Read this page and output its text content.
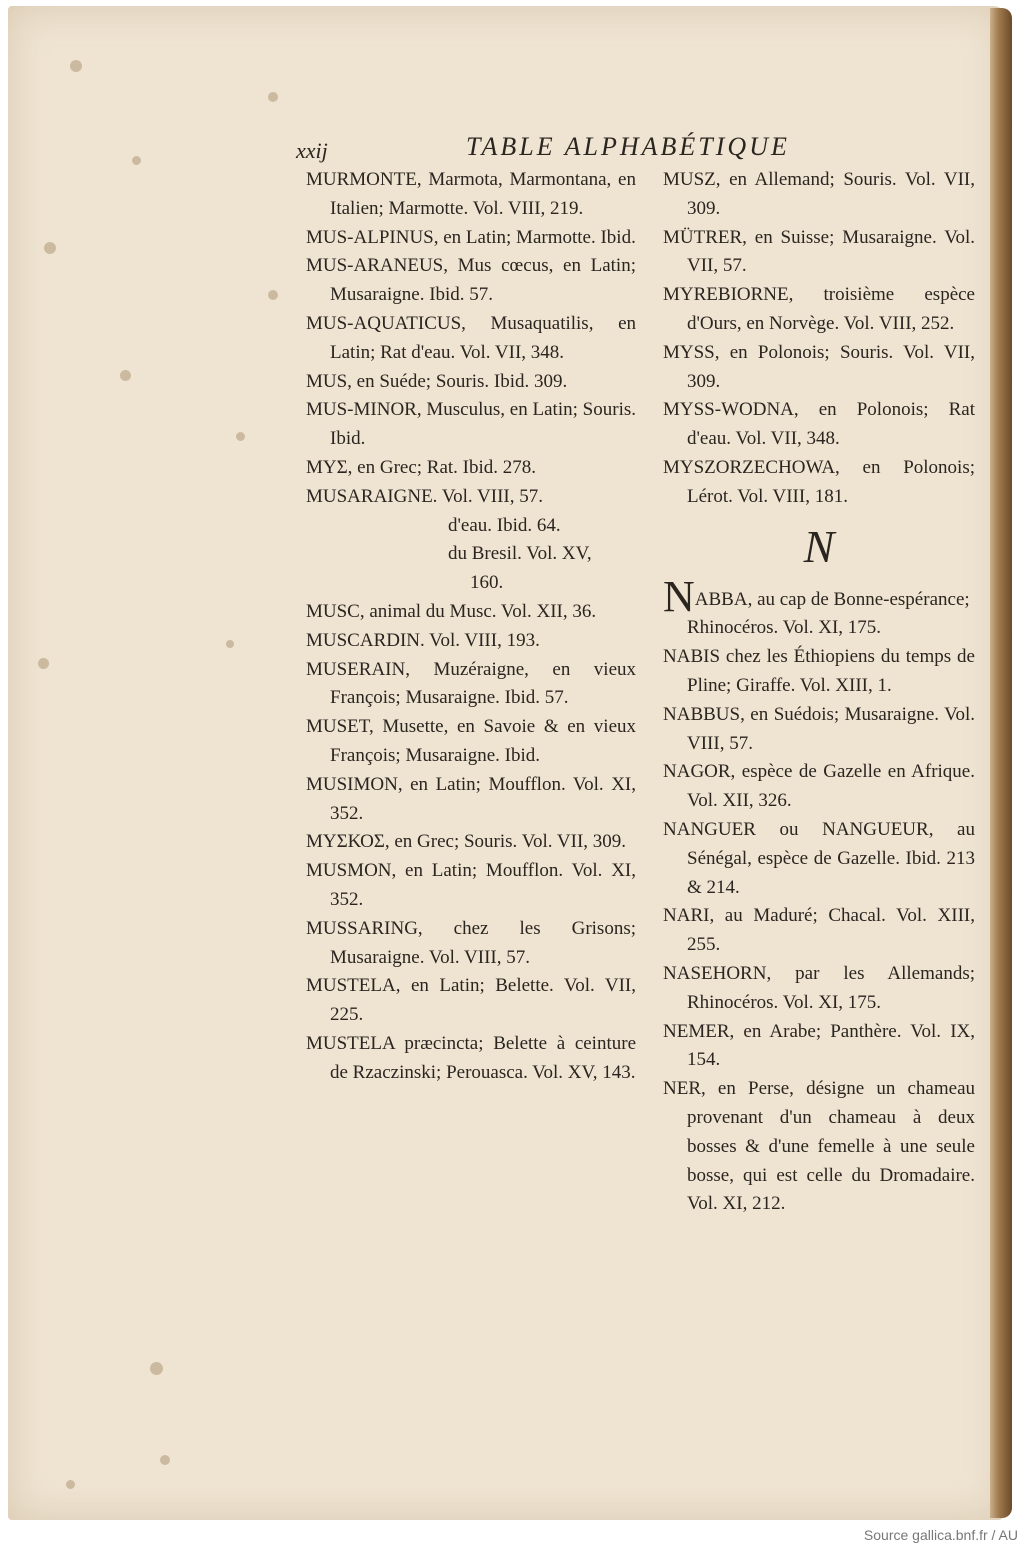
xxij	TABLE ALPHABÉTIQUE

MURMONTE, Marmota, Marmontana, en Italien; Marmotte. Vol. VIII, 219.

MUS-ALPINUS, en Latin; Marmotte. Ibid.

MUS-ARANEUS, Mus cœcus, en Latin; Musaraigne. Ibid. 57.

MUS-AQUATICUS, Musaquatilis, en Latin; Rat d'eau. Vol. VII, 348.

MUS, en Suéde; Souris. Ibid. 309.

MUS-MINOR, Musculus, en Latin; Souris. Ibid.

ΜΥΣ, en Grec; Rat. Ibid. 278.

MUSARAIGNE. Vol. VIII, 57.

d'eau. Ibid. 64.

du Bresil. Vol. XV,

160.

MUSC, animal du Musc. Vol. XII, 36.

MUSCARDIN. Vol. VIII, 193.

MUSERAIN, Muzéraigne, en vieux François; Musaraigne. Ibid. 57.

MUSET, Musette, en Savoie & en vieux François; Musaraigne. Ibid.

MUSIMON, en Latin; Moufflon. Vol. XI, 352.

ΜΥΣΚΟΣ, en Grec; Souris. Vol. VII, 309.

MUSMON, en Latin; Moufflon. Vol. XI, 352.

MUSSARING, chez les Grisons; Musaraigne. Vol. VIII, 57.

MUSTELA, en Latin; Belette. Vol. VII, 225.

MUSTELA præcincta; Belette à ceinture de Rzaczinski; Perouasca. Vol. XV, 143.

MUSZ, en Allemand; Souris. Vol. VII, 309.

MÜTRER, en Suisse; Musaraigne. Vol. VII, 57.

MYREBIORNE, troisième espèce d'Ours, en Norvège. Vol. VIII, 252.

MYSS, en Polonois; Souris. Vol. VII, 309.

MYSS-WODNA, en Polonois; Rat d'eau. Vol. VII, 348.

MYSZORZECHOWA, en Polonois; Lérot. Vol. VIII, 181.

N

NABBA, au cap de Bonne-espérance; Rhinocéros. Vol. XI, 175.

NABIS chez les Éthiopiens du temps de Pline; Giraffe. Vol. XIII, 1.

NABBUS, en Suédois; Musaraigne. Vol. VIII, 57.

NAGOR, espèce de Gazelle en Afrique. Vol. XII, 326.

NANGUER ou NANGUEUR, au Sénégal, espèce de Gazelle. Ibid. 213 & 214.

NARI, au Maduré; Chacal. Vol. XIII, 255.

NASEHORN, par les Allemands; Rhinocéros. Vol. XI, 175.

NEMER, en Arabe; Panthère. Vol. IX, 154.

NER, en Perse, désigne un chameau provenant d'un chameau à deux bosses & d'une femelle à une seule bosse, qui est celle du Dromadaire. Vol. XI, 212.

Source gallica.bnf.fr / AU
